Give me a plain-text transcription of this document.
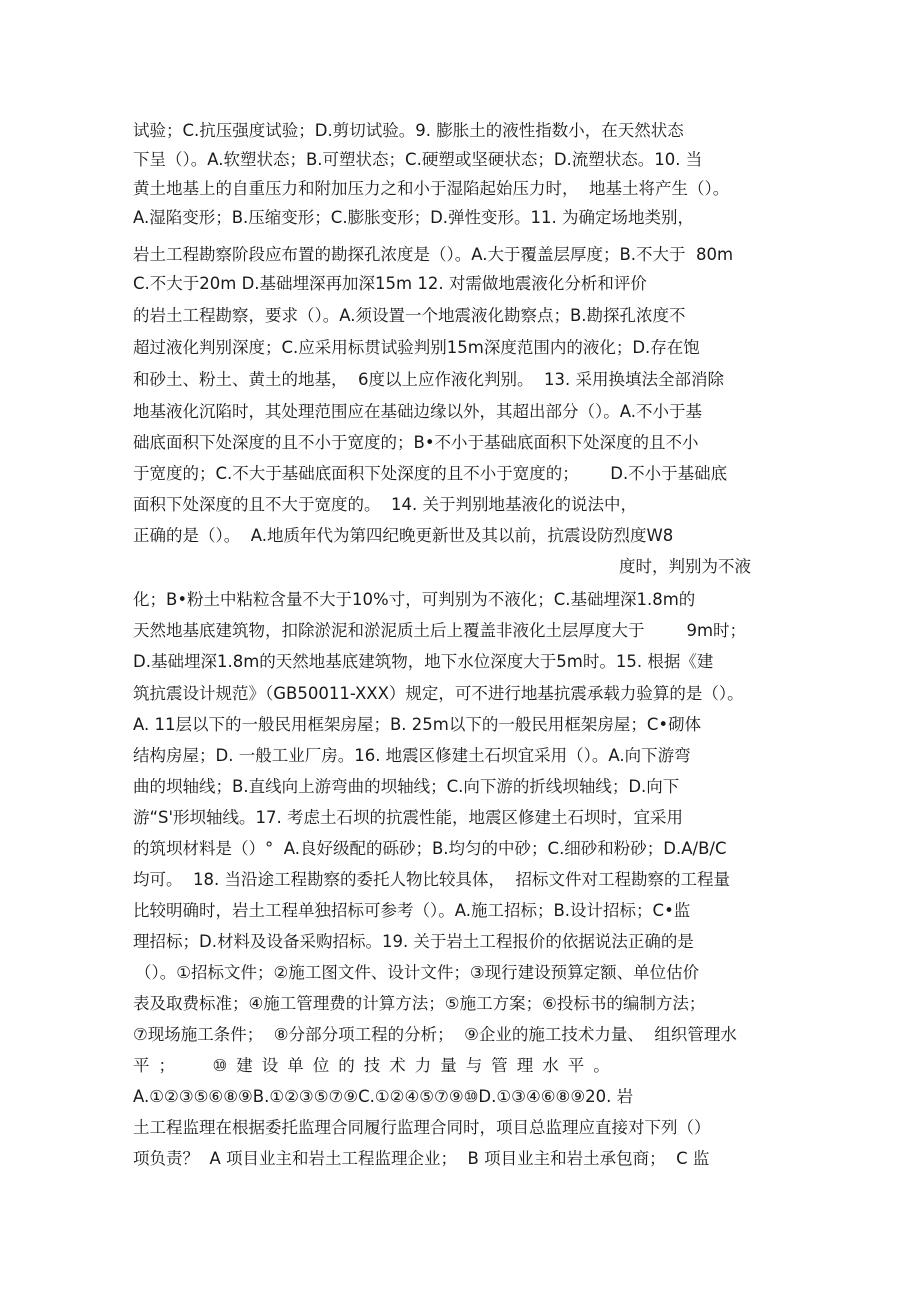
试验；C.抗压强度试验；D.剪切试验。9. 膨胀土的液性指数小，在天然状态
下呈（）。A.软塑状态；B.可塑状态；C.硬塑或坚硬状态；D.流塑状态。10. 当
黄土地基上的自重压力和附加压力之和小于湿陷起始压力时，  地基土将产生（）。
A.湿陷变形；B.压缩变形；C.膨胀变形；D.弹性变形。11. 为确定场地类别，
岩土工程勘察阶段应布置的勘探孔浓度是（）。A.大于覆盖层厚度；B.不大于  80m
C.不大于20m D.基础埋深再加深15m 12. 对需做地震液化分析和评价
的岩土工程勘察，要求（）。A.须设置一个地震液化勘察点；B.勘探孔浓度不
超过液化判别深度；C.应采用标贯试验判别15m深度范围内的液化；D.存在饱
和砂土、粉土、黄土的地基，  6度以上应作液化判别。  13. 采用换填法全部消除
地基液化沉陷时，其处理范围应在基础边缘以外，其超出部分（）。A.不小于基
础底面积下处深度的且不小于宽度的；B•不小于基础底面积下处深度的且不小
于宽度的；C.不大于基础底面积下处深度的且不小于宽度的；      D.不小于基础底
面积下处深度的且不大于宽度的。  14. 关于判别地基液化的说法中，
正确的是（）。  A.地质年代为第四纪晚更新世及其以前，抗震设防烈度W8
度时，判别为不液
化；B•粉土中粘粒含量不大于10%寸，可判别为不液化；C.基础埋深1.8m的
天然地基底建筑物，扣除淤泥和淤泥质土后上覆盖非液化土层厚度大于        9m时；
D.基础埋深1.8m的天然地基底建筑物，地下水位深度大于5m时。15. 根据《建
筑抗震设计规范》（GB50011-XXX）规定，可不进行地基抗震承载力验算的是（）。
A. 11层以下的一般民用框架房屋；B. 25m以下的一般民用框架房屋；C•砌体
结构房屋；D. 一般工业厂房。16. 地震区修建土石坝宜采用（）。A.向下游弯
曲的坝轴线；B.直线向上游弯曲的坝轴线；C.向下游的折线坝轴线；D.向下
游“S'形坝轴线。17. 考虑土石坝的抗震性能，地震区修建土石坝时，宜采用
的筑坝材料是（）°  A.良好级配的砾砂；B.均匀的中砂；C.细砂和粉砂；D.A/B/C
均可。  18. 当沿途工程勘察的委托人物比较具体，  招标文件对工程勘察的工程量
比较明确时，岩土工程单独招标可参考（）。A.施工招标；B.设计招标；C•监
理招标；D.材料及设备采购招标。19. 关于岩土工程报价的依据说法正确的是
（）。①招标文件；②施工图文件、设计文件；③现行建设预算定额、单位估价
表及取费标准；④施工管理费的计算方法；⑤施工方案；⑥投标书的编制方法；
⑦现场施工条件；  ⑧分部分项工程的分析；  ⑨企业的施工技术力量、  组织管理水
平；  ⑩建设单位的技术力量与管理水平。
A.①②③⑤⑥⑧⑨B.①②③⑤⑦⑨C.①②④⑤⑦⑨⑩D.①③④⑥⑧⑨20. 岩
土工程监理在根据委托监理合同履行监理合同时，项目总监理应直接对下列（）
项负责？  A 项目业主和岩土工程监理企业；  B 项目业主和岩土承包商；  C 监
